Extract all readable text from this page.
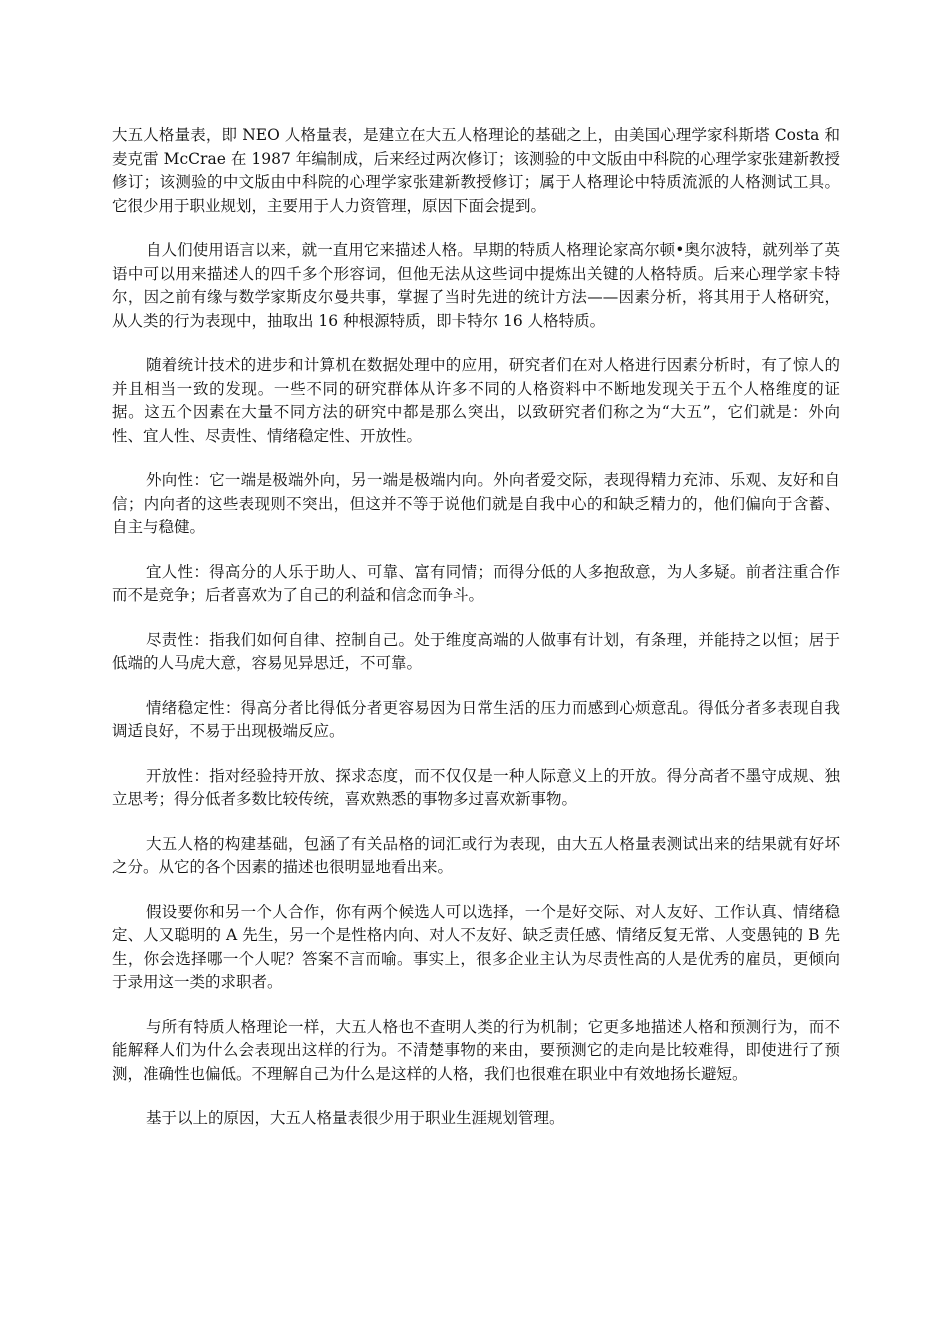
大五人格量表，即 NEO 人格量表，是建立在大五人格理论的基础之上，由美国心理学家科斯塔 Costa 和麦克雷 McCrae 在 1987 年编制成，后来经过两次修订；该测验的中文版由中科院的心理学家张建新教授修订；该测验的中文版由中科院的心理学家张建新教授修订；属于人格理论中特质流派的人格测试工具。它很少用于职业规划，主要用于人力资管理，原因下面会提到。

自人们使用语言以来，就一直用它来描述人格。早期的特质人格理论家高尔顿•奥尔波特，就列举了英语中可以用来描述人的四千多个形容词，但他无法从这些词中提炼出关键的人格特质。后来心理学家卡特尔，因之前有缘与数学家斯皮尔曼共事，掌握了当时先进的统计方法——因素分析，将其用于人格研究，从人类的行为表现中，抽取出 16 种根源特质，即卡特尔 16 人格特质。

随着统计技术的进步和计算机在数据处理中的应用，研究者们在对人格进行因素分析时，有了惊人的并且相当一致的发现。一些不同的研究群体从许多不同的人格资料中不断地发现关于五个人格维度的证据。这五个因素在大量不同方法的研究中都是那么突出，以致研究者们称之为“大五”，它们就是：外向性、宜人性、尽责性、情绪稳定性、开放性。

外向性：它一端是极端外向，另一端是极端内向。外向者爱交际，表现得精力充沛、乐观、友好和自信；内向者的这些表现则不突出，但这并不等于说他们就是自我中心的和缺乏精力的，他们偏向于含蓄、自主与稳健。

宜人性：得高分的人乐于助人、可靠、富有同情；而得分低的人多抱敌意，为人多疑。前者注重合作而不是竞争；后者喜欢为了自己的利益和信念而争斗。

尽责性：指我们如何自律、控制自己。处于维度高端的人做事有计划，有条理，并能持之以恒；居于低端的人马虎大意，容易见异思迁，不可靠。

情绪稳定性：得高分者比得低分者更容易因为日常生活的压力而感到心烦意乱。得低分者多表现自我调适良好，不易于出现极端反应。

开放性：指对经验持开放、探求态度，而不仅仅是一种人际意义上的开放。得分高者不墨守成规、独立思考；得分低者多数比较传统，喜欢熟悉的事物多过喜欢新事物。

大五人格的构建基础，包涵了有关品格的词汇或行为表现，由大五人格量表测试出来的结果就有好坏之分。从它的各个因素的描述也很明显地看出来。

假设要你和另一个人合作，你有两个候选人可以选择，一个是好交际、对人友好、工作认真、情绪稳定、人又聪明的 A 先生，另一个是性格内向、对人不友好、缺乏责任感、情绪反复无常、人变愚钝的 B 先生，你会选择哪一个人呢？答案不言而喻。事实上，很多企业主认为尽责性高的人是优秀的雇员，更倾向于录用这一类的求职者。

与所有特质人格理论一样，大五人格也不查明人类的行为机制；它更多地描述人格和预测行为，而不能解释人们为什么会表现出这样的行为。不清楚事物的来由，要预测它的走向是比较难得，即使进行了预测，准确性也偏低。不理解自己为什么是这样的人格，我们也很难在职业中有效地扬长避短。

基于以上的原因，大五人格量表很少用于职业生涯规划管理。
